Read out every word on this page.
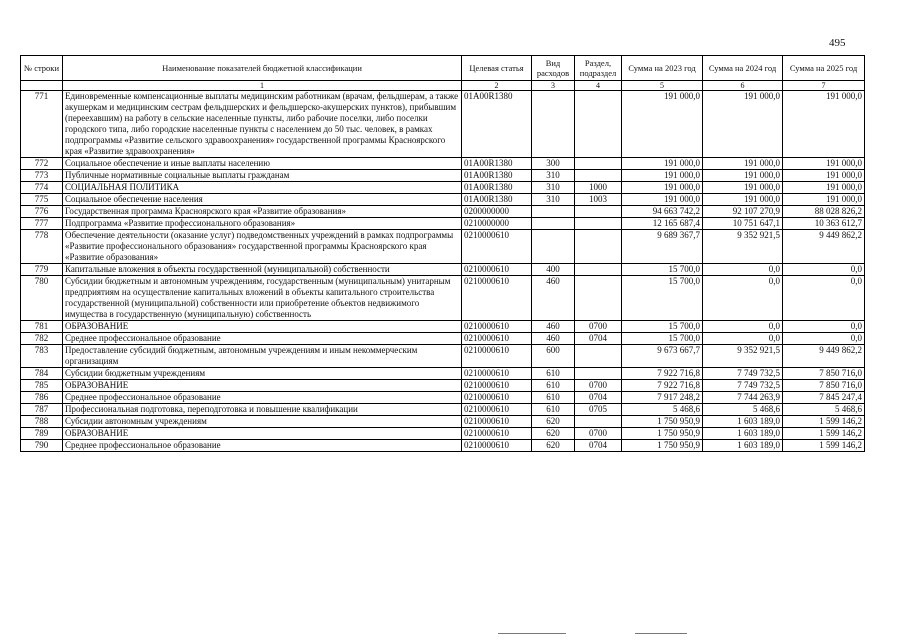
495
№ строки	Наименование показателей бюджетной классификации	Целевая статья	Вид расходов	Раздел, подраздел	Сумма на 2023 год	Сумма на 2024 год	Сумма на 2025 год
	1	2	3	4	5	6	7
771	Единовременные компенсационные выплаты медицинским работникам (врачам, фельдшерам, а также акушеркам и медицинским сестрам фельдшерских и фельдшерско-акушерских пунктов), прибывшим (переехавшим) на работу в сельские населенные пункты, либо рабочие поселки, либо поселки городского типа, либо городские населенные пункты с населением до 50 тыс. человек, в рамках подпрограммы «Развитие сельского здравоохранения» государственной программы Красноярского края «Развитие здравоохранения»	01А00R1380			191 000,0	191 000,0	191 000,0
772	Социальное обеспечение и иные выплаты населению	01А00R1380	300		191 000,0	191 000,0	191 000,0
773	Публичные нормативные социальные выплаты гражданам	01А00R1380	310		191 000,0	191 000,0	191 000,0
774	СОЦИАЛЬНАЯ ПОЛИТИКА	01А00R1380	310	1000	191 000,0	191 000,0	191 000,0
775	Социальное обеспечение населения	01А00R1380	310	1003	191 000,0	191 000,0	191 000,0
776	Государственная программа Красноярского края «Развитие образования»	0200000000			94 663 742,2	92 107 270,9	88 028 826,2
777	Подпрограмма «Развитие профессионального образования»	0210000000			12 165 687,4	10 751 647,1	10 363 612,7
778	Обеспечение деятельности (оказание услуг) подведомственных учреждений в рамках подпрограммы «Развитие профессионального образования» государственной программы Красноярского края «Развитие образования»	0210000610			9 689 367,7	9 352 921,5	9 449 862,2
779	Капитальные вложения в объекты государственной (муниципальной) собственности	0210000610	400		15 700,0	0,0	0,0
780	Субсидии бюджетным и автономным учреждениям, государственным (муниципальным) унитарным предприятиям на осуществление капитальных вложений в объекты капитального строительства государственной (муниципальной) собственности или приобретение объектов недвижимого имущества в государственную (муниципальную) собственность	0210000610	460		15 700,0	0,0	0,0
781	ОБРАЗОВАНИЕ	0210000610	460	0700	15 700,0	0,0	0,0
782	Среднее профессиональное образование	0210000610	460	0704	15 700,0	0,0	0,0
783	Предоставление субсидий бюджетным, автономным учреждениям и иным некоммерческим организациям	0210000610	600		9 673 667,7	9 352 921,5	9 449 862,2
784	Субсидии бюджетным учреждениям	0210000610	610		7 922 716,8	7 749 732,5	7 850 716,0
785	ОБРАЗОВАНИЕ	0210000610	610	0700	7 922 716,8	7 749 732,5	7 850 716,0
786	Среднее профессиональное образование	0210000610	610	0704	7 917 248,2	7 744 263,9	7 845 247,4
787	Профессиональная подготовка, переподготовка и повышение квалификации	0210000610	610	0705	5 468,6	5 468,6	5 468,6
788	Субсидии автономным учреждениям	0210000610	620		1 750 950,9	1 603 189,0	1 599 146,2
789	ОБРАЗОВАНИЕ	0210000610	620	0700	1 750 950,9	1 603 189,0	1 599 146,2
790	Среднее профессиональное образование	0210000610	620	0704	1 750 950,9	1 603 189,0	1 599 146,2
